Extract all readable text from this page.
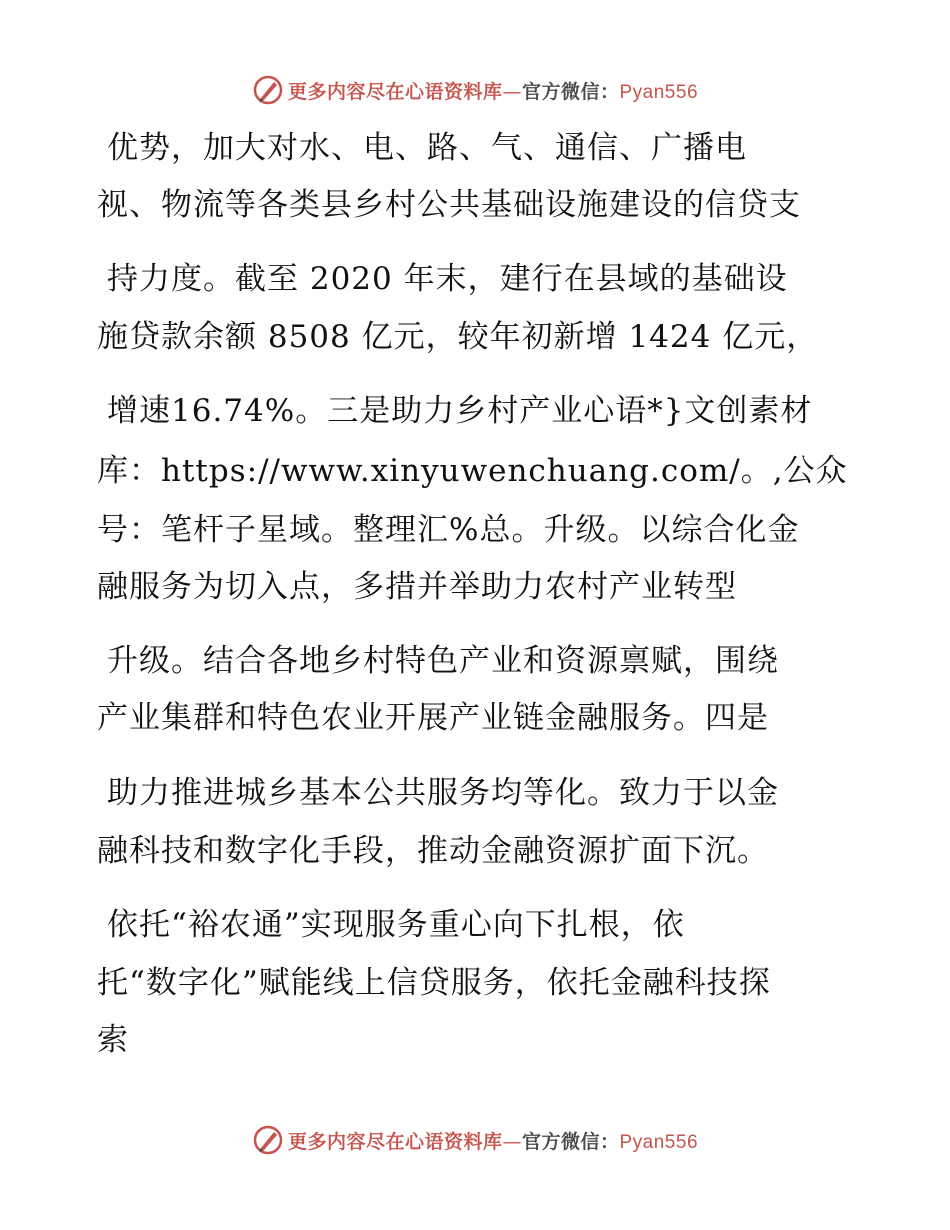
更多内容尽在心语资料库—官方微信：Pyan556
优势，加大对水、电、路、气、通信、广播电
视、物流等各类县乡村公共基础设施建设的信贷支
持力度。截至 2020 年末，建行在县域的基础设
施贷款余额 8508 亿元，较年初新增 1424 亿元，
增速16.74%。三是助力乡村产业心语*}文创素材
库：https://www.xinyuwenchuang.com/。,公众
号：笔杆子星域。整理汇%总。升级。以综合化金
融服务为切入点，多措并举助力农村产业转型
升级。结合各地乡村特色产业和资源禀赋，围绕
产业集群和特色农业开展产业链金融服务。四是
助力推进城乡基本公共服务均等化。致力于以金
融科技和数字化手段，推动金融资源扩面下沉。
依托“裕农通”实现服务重心向下扎根，依
托“数字化”赋能线上信贷服务，依托金融科技探
索
更多内容尽在心语资料库—官方微信：Pyan556
